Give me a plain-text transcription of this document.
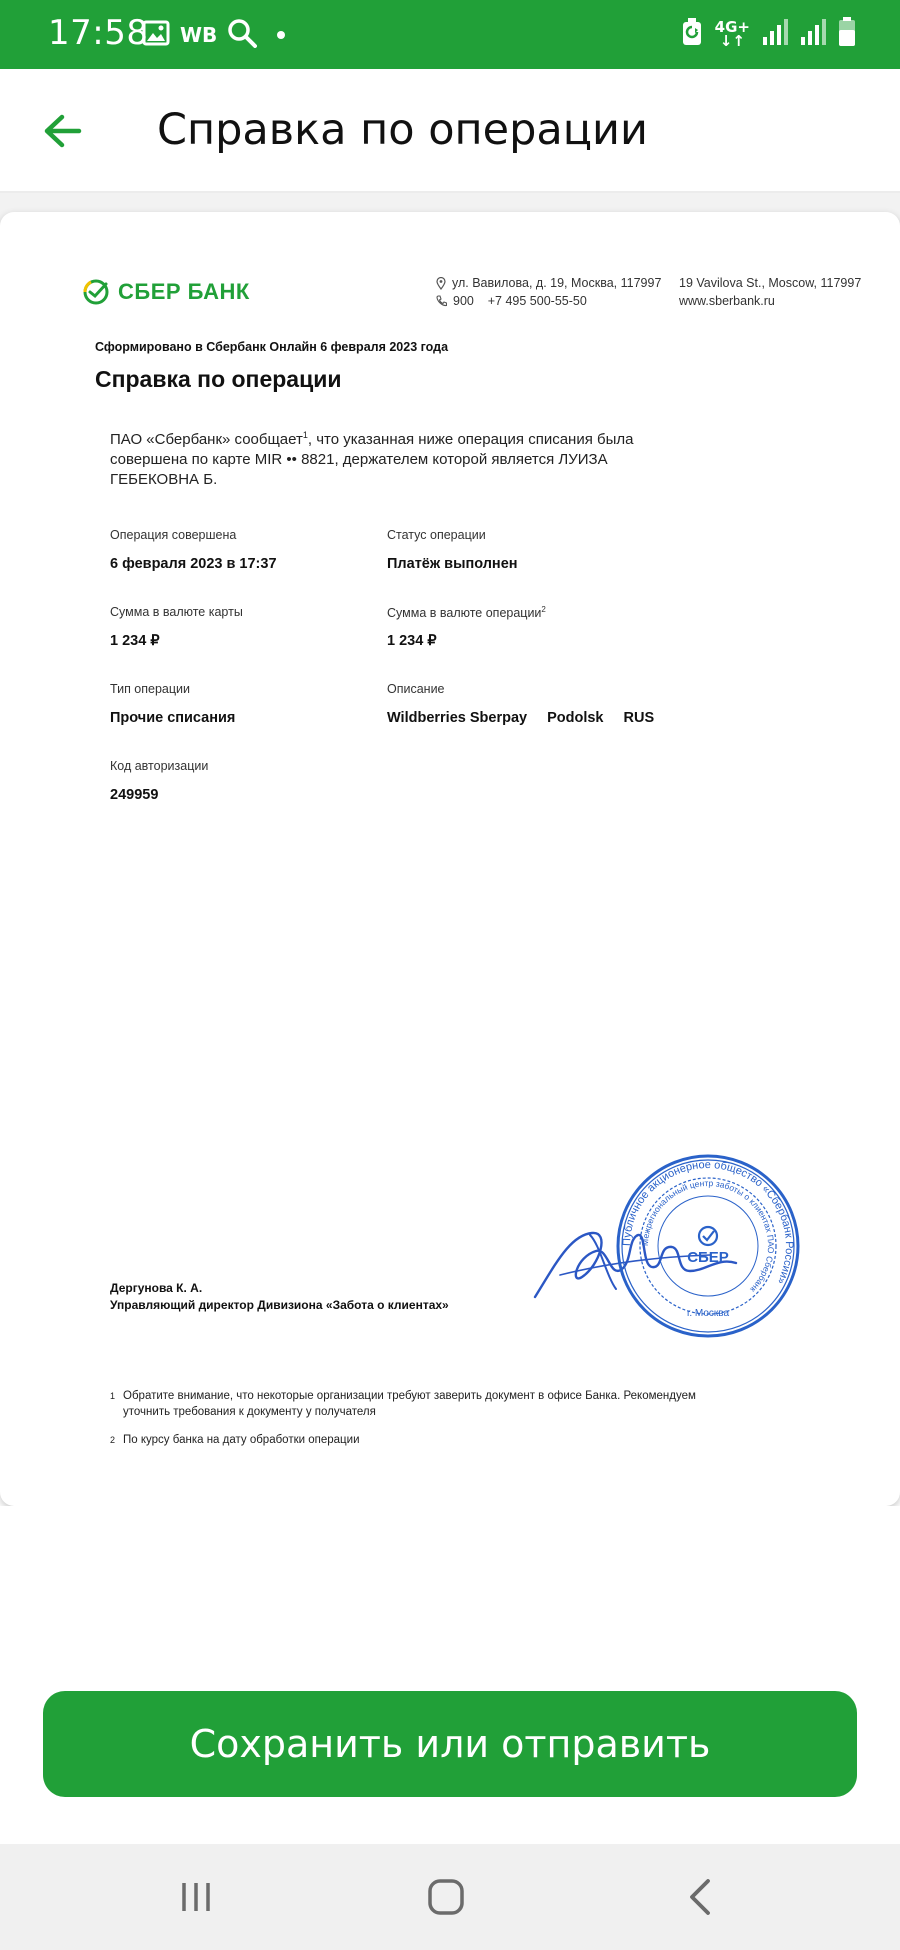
17:58 WB	4G+
↓↑
Справка по операции
СБЕР БАНК	ул. Вавилова, д. 19, Москва, 117997
900    +7 495 500-55-50
19 Vavilova St., Moscow, 117997
www.sberbank.ru
Сформировано в Сбербанк Онлайн 6 февраля 2023 года
Справка по операции
ПАО «Сбербанк» сообщает$^1$, что указанная ниже операция списания была совершена по карте MIR •• 8821, держателем которой является ЛУИЗА ГЕБЕКОВНА Б.
Операция совершена
6 февраля 2023 в 17:37
Статус операции
Платёж выполнен
Сумма в валюте карты
1 234 ₽
Сумма в валюте операции$^2$
1 234 ₽
Тип операции
Прочие списания
Описание
Wildberries Sberpay Podolsk RUS
Код авторизации
249959
Публичное акционерное общество «Сбербанк России»
Межрегиональный центр заботы о клиентах ПАО Сбербанк
СБЕР
г. Москва
Дергунова К. А.
Управляющий директор Дивизиона «Забота о клиентах»
1 Обратите внимание, что некоторые организации требуют заверить документ в офисе Банка. Рекомендуем уточнить требования к документу у получателя
2 По курсу банка на дату обработки операции
Сохранить или отправить
